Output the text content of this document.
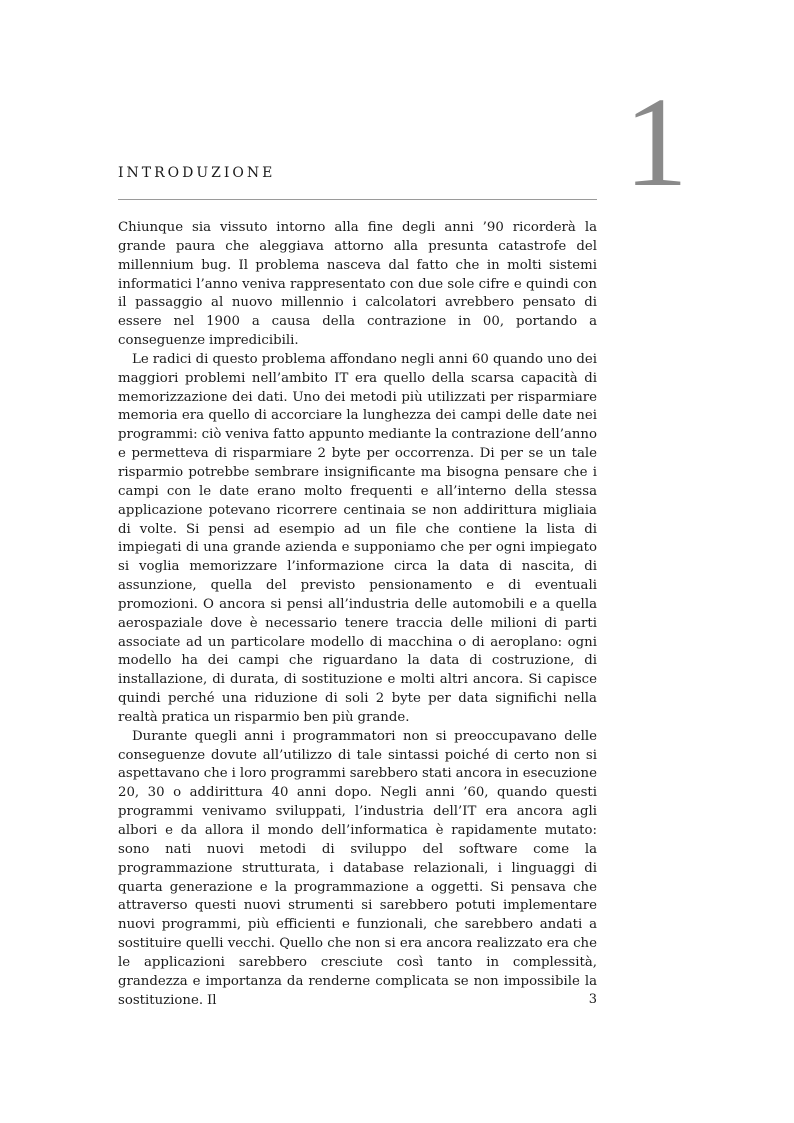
1
INTRODUZIONE

Chiunque sia vissuto intorno alla fine degli anni ’90 ricorderà la grande paura che aleggiava attorno alla presunta catastrofe del millennium bug. Il problema nasceva dal fatto che in molti sistemi informatici l’anno veniva rappresentato con due sole cifre e quindi con il passaggio al nuovo millennio i calcolatori avrebbero pensato di essere nel 1900 a causa della contrazione in 00, portando a conseguenze impredicibili.

Le radici di questo problema affondano negli anni 60 quando uno dei maggiori problemi nell’ambito IT era quello della scarsa capacità di memorizzazione dei dati. Uno dei metodi più utilizzati per risparmiare memoria era quello di accorciare la lunghezza dei campi delle date nei programmi: ciò veniva fatto appunto mediante la contrazione dell’anno e permetteva di risparmiare 2 byte per occorrenza. Di per se un tale risparmio potrebbe sembrare insignificante ma bisogna pensare che i campi con le date erano molto frequenti e all’interno della stessa applicazione potevano ricorrere centinaia se non addirittura migliaia di volte. Si pensi ad esempio ad un file che contiene la lista di impiegati di una grande azienda e supponiamo che per ogni impiegato si voglia memorizzare l’informazione circa la data di nascita, di assunzione, quella del previsto pensionamento e di eventuali promozioni. O ancora si pensi all’industria delle automobili e a quella aerospaziale dove è necessario tenere traccia delle milioni di parti associate ad un particolare modello di macchina o di aeroplano: ogni modello ha dei campi che riguardano la data di costruzione, di installazione, di durata, di sostituzione e molti altri ancora. Si capisce quindi perché una riduzione di soli 2 byte per data significhi nella realtà pratica un risparmio ben più grande.

Durante quegli anni i programmatori non si preoccupavano delle conseguenze dovute all’utilizzo di tale sintassi poiché di certo non si aspettavano che i loro programmi sarebbero stati ancora in esecuzione 20, 30 o addirittura 40 anni dopo. Negli anni ’60, quando questi programmi venivamo sviluppati, l’industria dell’IT era ancora agli albori e da allora il mondo dell’informatica è rapidamente mutato: sono nati nuovi metodi di sviluppo del software come la programmazione strutturata, i database relazionali, i linguaggi di quarta generazione e la programmazione a oggetti. Si pensava che attraverso questi nuovi strumenti si sarebbero potuti implementare nuovi programmi, più efficienti e funzionali, che sarebbero andati a sostituire quelli vecchi. Quello che non si era ancora realizzato era che le applicazioni sarebbero cresciute così tanto in complessità, grandezza e importanza da renderne complicata se non impossibile la sostituzione. Il	3
